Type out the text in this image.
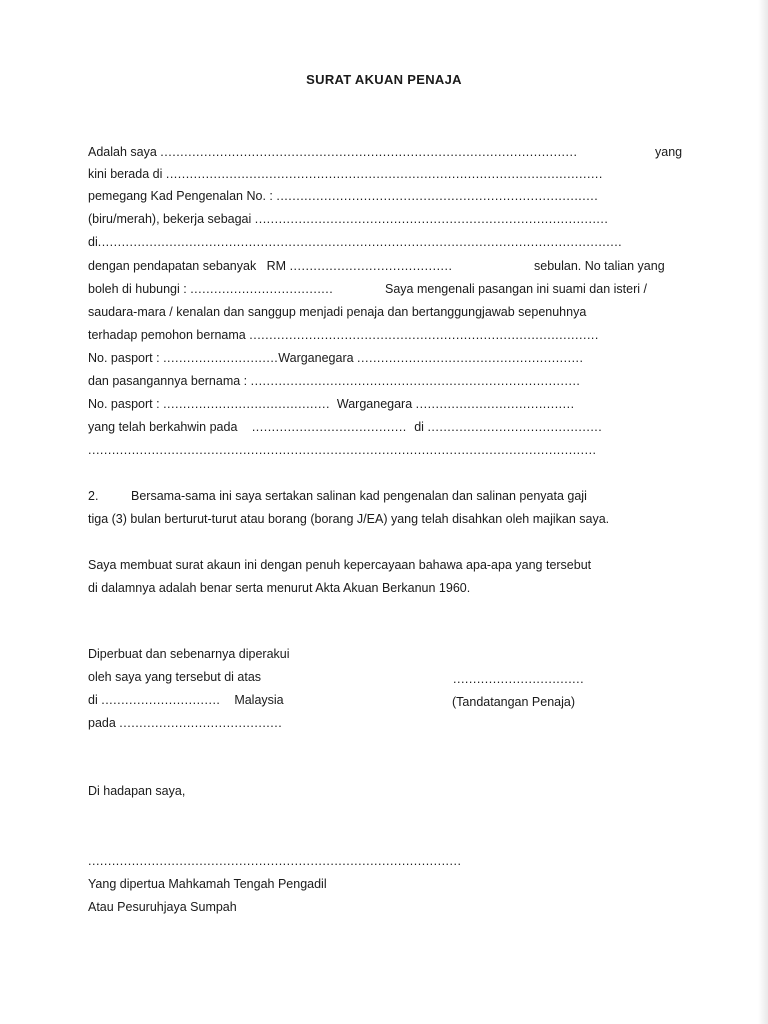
SURAT AKUAN PENAJA
Adalah saya .........................................................................................................	yang
kini berada di ..............................................................................................................
pemegang Kad Pengenalan No. : .................................................................................
(biru/merah), bekerja sebagai .........................................................................................
di....................................................................................................................................
dengan pendapatan sebanyak RM .........................................	sebulan. No talian yang
boleh di hubungi : ....................................	Saya mengenali pasangan ini suami dan isteri /
saudara-mara / kenalan dan sanggup menjadi penaja dan bertanggungjawab sepenuhnya
terhadap pemohon bernama ........................................................................................
No. pasport : .............................Warganegara .........................................................
dan pasangannya bernama : ...................................................................................
No. pasport : .......................................... Warganegara ........................................
yang telah berkahwin pada    .......................................  di ............................................
................................................................................................................................
2.	Bersama-sama ini saya sertakan salinan kad pengenalan dan salinan penyata gaji
tiga (3) bulan berturut-turut atau borang (borang J/EA) yang telah disahkan oleh majikan saya.
Saya membuat surat akaun ini dengan penuh kepercayaan bahawa apa-apa yang tersebut
di dalamnya adalah benar serta menurut Akta Akuan Berkanun 1960.
Diperbuat dan sebenarnya diperakui
oleh saya yang tersebut di atas
di .............................. Malaysia
pada .........................................
.................................
(Tandatangan Penaja)
Di hadapan saya,
..............................................................................................
Yang dipertua Mahkamah Tengah Pengadil
Atau Pesuruhjaya Sumpah
